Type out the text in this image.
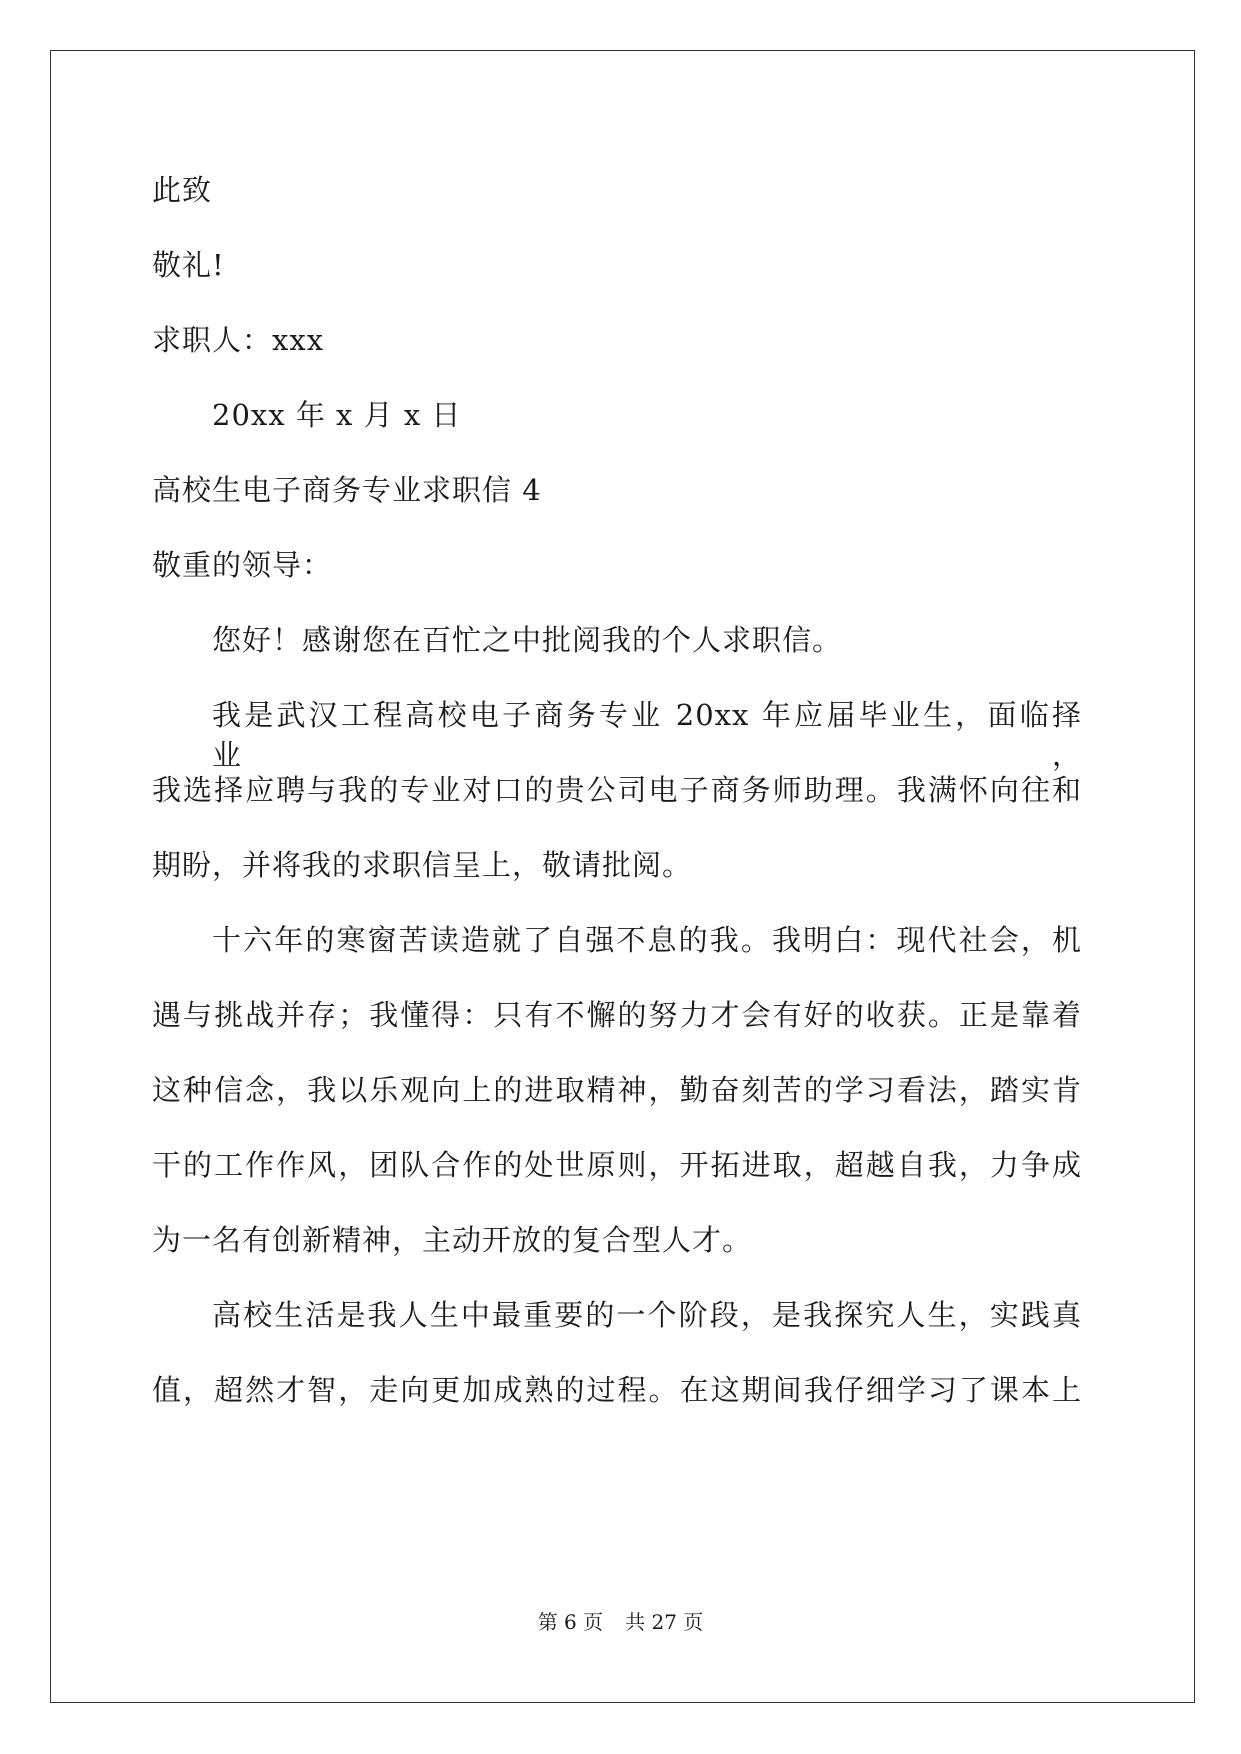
此致
敬礼!
求职人：xxx
20xx 年 x 月 x 日
高校生电子商务专业求职信 4
敬重的领导：
您好！感谢您在百忙之中批阅我的个人求职信。
我是武汉工程高校电子商务专业 20xx 年应届毕业生，面临择业，
我选择应聘与我的专业对口的贵公司电子商务师助理。我满怀向往和
期盼，并将我的求职信呈上，敬请批阅。
十六年的寒窗苦读造就了自强不息的我。我明白：现代社会，机
遇与挑战并存；我懂得：只有不懈的努力才会有好的收获。正是靠着
这种信念，我以乐观向上的进取精神，勤奋刻苦的学习看法，踏实肯
干的工作作风，团队合作的处世原则，开拓进取，超越自我，力争成
为一名有创新精神，主动开放的复合型人才。
高校生活是我人生中最重要的一个阶段，是我探究人生，实践真
值，超然才智，走向更加成熟的过程。在这期间我仔细学习了课本上
第 6 页 共 27 页
